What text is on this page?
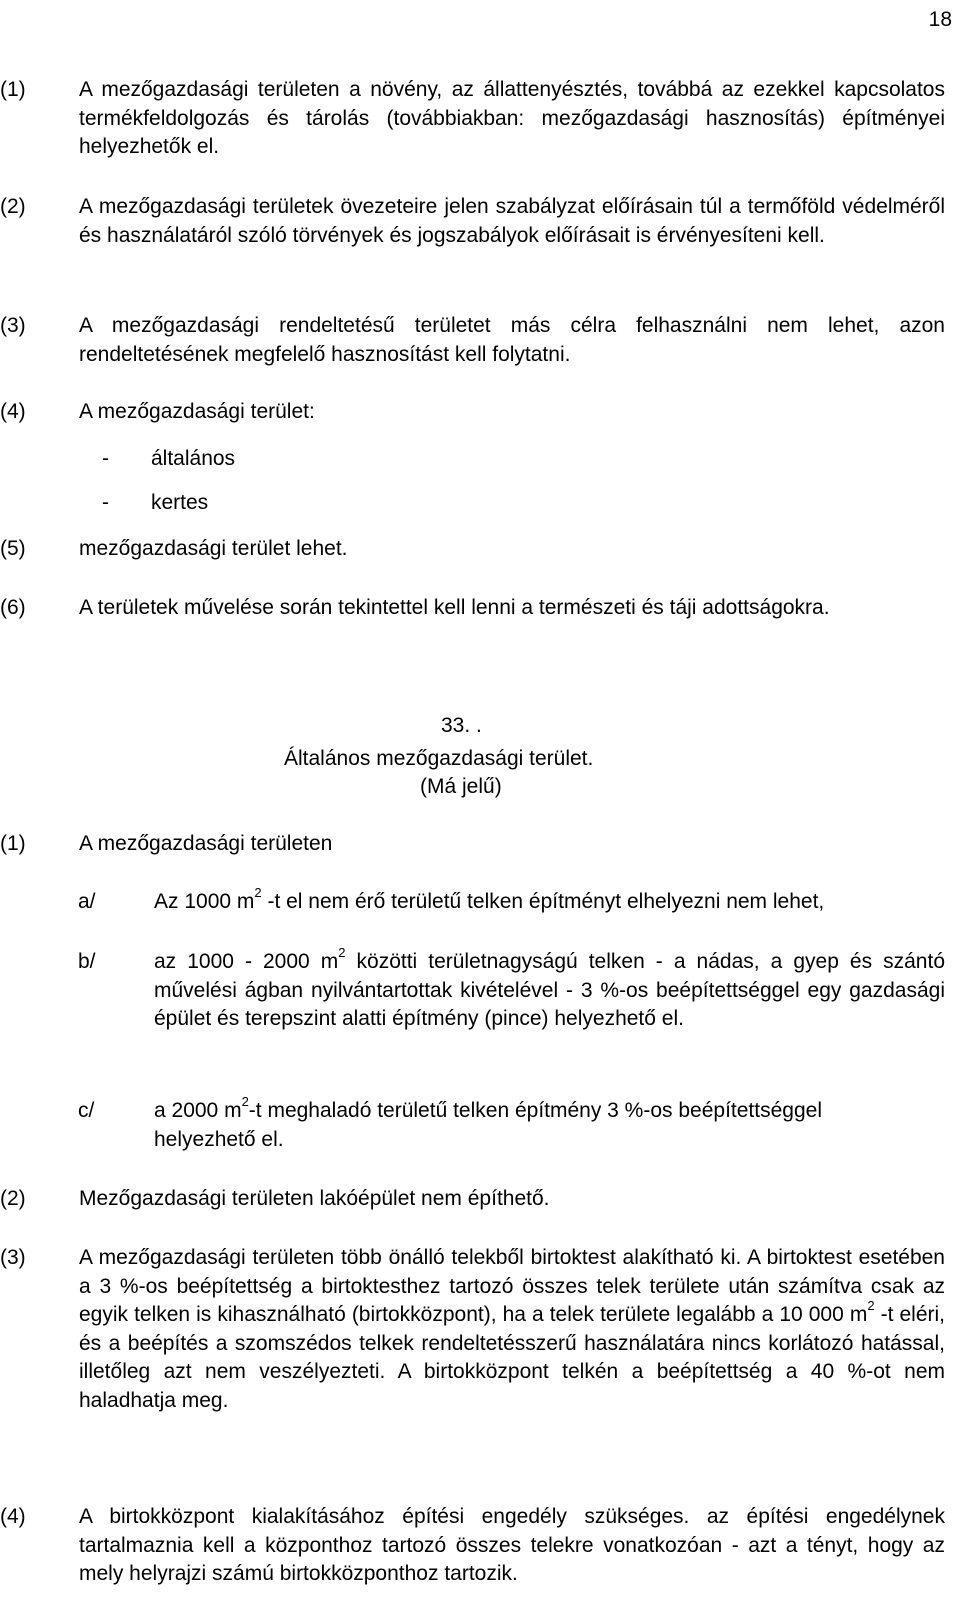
18
(1)	A mezőgazdasági területen a növény, az állattenyésztés, továbbá az ezekkel kapcsolatos termékfeldolgozás és tárolás (továbbiakban: mezőgazdasági hasznosítás) építményei helyezhetők el.
(2)	A mezőgazdasági területek övezeteire jelen szabályzat előírásain túl a termőföld védelméről és használatáról szóló törvények és jogszabályok előírásait is érvényesíteni kell.
(3)	A mezőgazdasági rendeltetésű területet más célra felhasználni nem lehet, azon rendeltetésének megfelelő hasznosítást kell folytatni.
(4)	A mezőgazdasági terület:
- általános
- kertes
(5)	mezőgazdasági terület lehet.
(6)	A területek művelése során tekintettel kell lenni a természeti és táji adottságokra.
33. .
Általános mezőgazdasági terület.
(Má jelű)
(1)	A mezőgazdasági területen
a/	Az 1000 $m^2$ -t el nem érő területű telken építményt elhelyezni nem lehet,
b/	az 1000 - 2000 $m^2$ közötti területnagyságú telken - a nádas, a gyep és szántó művelési ágban nyilvántartottak kivételével - 3 %-os beépítettséggel egy gazdasági épület és terepszint alatti építmény (pince) helyezhető el.
c/	a 2000 $m^2-t$ meghaladó területű telken építmény 3 %-os beépítettséggel helyezhető el.
(2)	Mezőgazdasági területen lakóépület nem építhető.
(3)	A mezőgazdasági területen több önálló telekből birtoktest alakítható ki. A birtoktest esetében a 3 %-os beépítettség a birtoktesthez tartozó összes telek területe után számítva csak az egyik telken is kihasználható (birtokközpont), ha a telek területe legalább a 10 000 $m^2$ -t eléri, és a beépítés a szomszédos telkek rendeltetésszerű használatára nincs korlátozó hatással, illetőleg azt nem veszélyezteti. A birtokközpont telkén a beépítettség a 40 %-ot nem haladhatja meg.
(4)	A birtokközpont kialakításához építési engedély szükséges. az építési engedélynek tartalmaznia kell a központhoz tartozó összes telekre vonatkozóan - azt a tényt, hogy az mely helyrajzi számú birtokközponthoz tartozik.
